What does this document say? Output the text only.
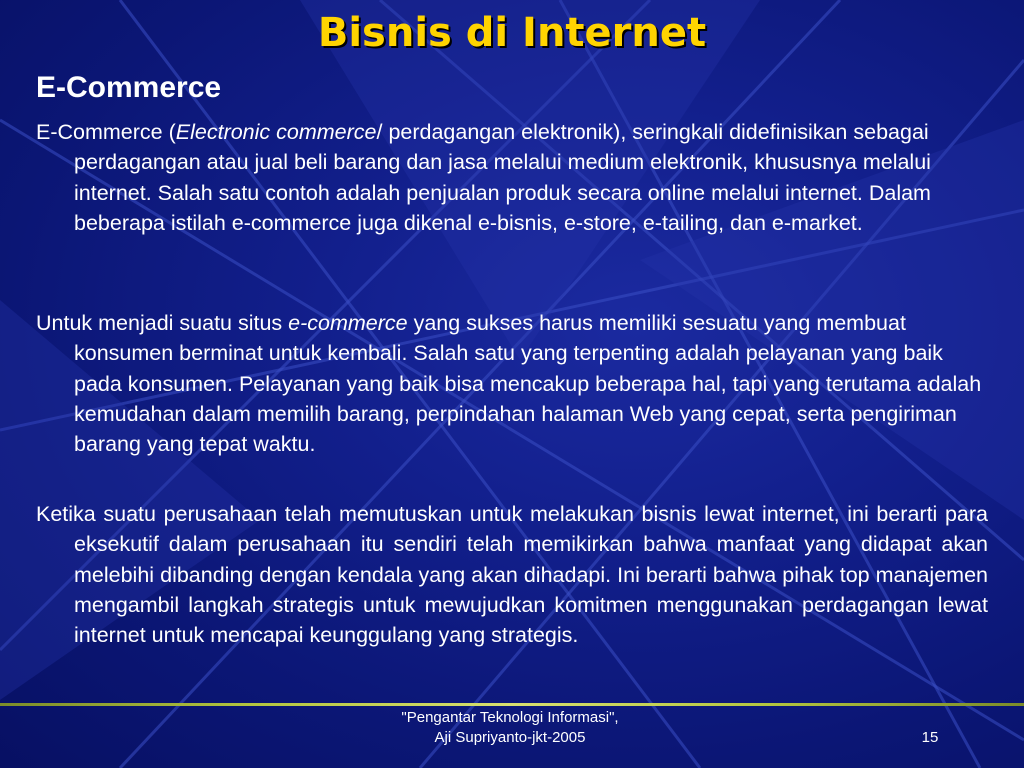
Bisnis di Internet
E-Commerce

E-Commerce (Electronic commerce/ perdagangan elektronik), seringkali didefinisikan sebagai perdagangan atau jual beli barang dan jasa melalui medium elektronik, khususnya melalui internet. Salah satu contoh adalah penjualan produk secara online melalui internet. Dalam beberapa istilah e-commerce juga dikenal e-bisnis, e-store, e-tailing, dan e-market.

Untuk menjadi suatu situs e-commerce yang sukses harus memiliki sesuatu yang membuat konsumen berminat untuk kembali. Salah satu yang terpenting adalah pelayanan yang baik pada konsumen. Pelayanan yang baik bisa mencakup beberapa hal, tapi yang terutama adalah kemudahan dalam memilih barang, perpindahan halaman Web yang cepat, serta pengiriman barang yang tepat waktu.

Ketika suatu perusahaan telah memutuskan untuk melakukan bisnis lewat internet, ini berarti para eksekutif dalam perusahaan itu sendiri telah memikirkan bahwa manfaat yang didapat akan melebihi dibanding dengan kendala yang akan dihadapi. Ini berarti bahwa pihak top manajemen mengambil langkah strategis untuk mewujudkan komitmen menggunakan perdagangan lewat internet untuk mencapai keunggulang yang strategis.

"Pengantar Teknologi Informasi",
Aji Supriyanto-jkt-2005	15
